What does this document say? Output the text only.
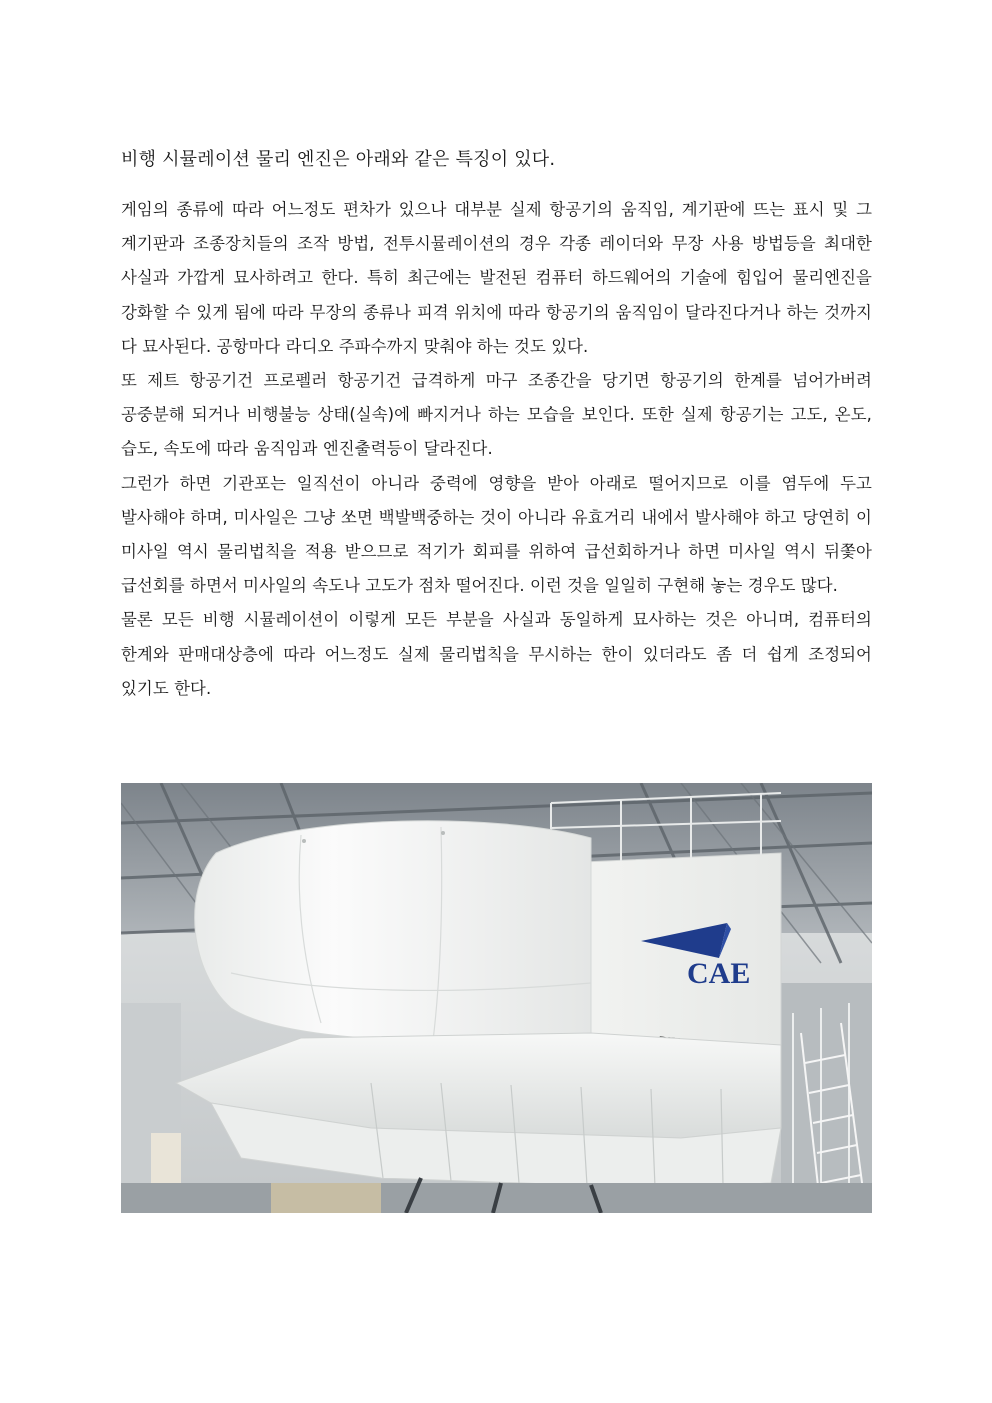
비행 시뮬레이션 물리 엔진은 아래와 같은 특징이 있다.

게임의 종류에 따라 어느정도 편차가 있으나 대부분 실제 항공기의 움직임, 계기판에 뜨는 표시 및 그 계기판과 조종장치들의 조작 방법, 전투시뮬레이션의 경우 각종 레이더와 무장 사용 방법등을 최대한 사실과 가깝게 묘사하려고 한다. 특히 최근에는 발전된 컴퓨터 하드웨어의 기술에 힘입어 물리엔진을 강화할 수 있게 됨에 따라 무장의 종류나 피격 위치에 따라 항공기의 움직임이 달라진다거나 하는 것까지 다 묘사된다. 공항마다 라디오 주파수까지 맞춰야 하는 것도 있다.

또 제트 항공기건 프로펠러 항공기건 급격하게 마구 조종간을 당기면 항공기의 한계를 넘어가버려 공중분해 되거나 비행불능 상태(실속)에 빠지거나 하는 모습을 보인다. 또한 실제 항공기는 고도, 온도, 습도, 속도에 따라 움직임과 엔진출력등이 달라진다.

그런가 하면 기관포는 일직선이 아니라 중력에 영향을 받아 아래로 떨어지므로 이를 염두에 두고 발사해야 하며, 미사일은 그냥 쏘면 백발백중하는 것이 아니라 유효거리 내에서 발사해야 하고 당연히 이 미사일 역시 물리법칙을 적용 받으므로 적기가 회피를 위하여 급선회하거나 하면 미사일 역시 뒤쫓아 급선회를 하면서 미사일의 속도나 고도가 점차 떨어진다. 이런 것을 일일히 구현해 놓는 경우도 많다.

물론 모든 비행 시뮬레이션이 이렇게 모든 부분을 사실과 동일하게 묘사하는 것은 아니며, 컴퓨터의 한계와 판매대상층에 따라 어느정도 실제 물리법칙을 무시하는 한이 있더라도 좀 더 쉽게 조정되어 있기도 한다.

CAE
